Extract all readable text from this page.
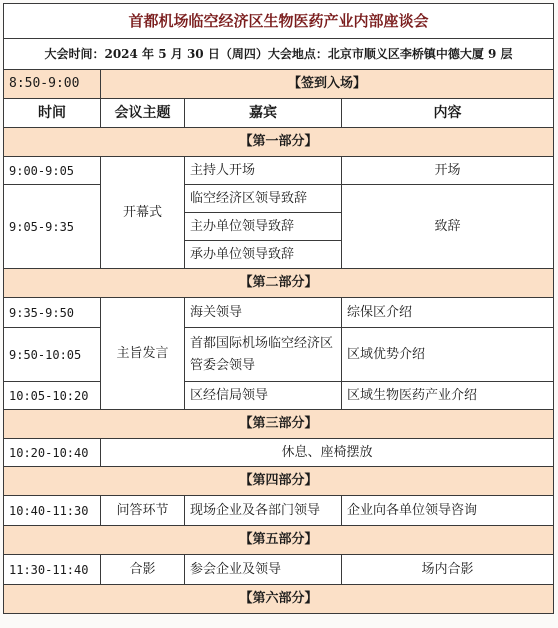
首都机场临空经济区生物医药产业内部座谈会			
大会时间：2024 年 5 月 30 日（周四）大会地点：北京市顺义区李桥镇中德大厦 9 层			
8:50-9:00	【签到入场】		
时间	会议主题	嘉宾	内容
【第一部分】			
9:00-9:05	开幕式	主持人开场	开场
9:05-9:35		临空经济区领导致辞	致辞
		主办单位领导致辞	
		承办单位领导致辞	
【第二部分】			
9:35-9:50	主旨发言	海关领导	综保区介绍
9:50-10:05		首都国际机场临空经济区管委会领导	区域优势介绍
10:05-10:20		区经信局领导	区域生物医药产业介绍
【第三部分】			
10:20-10:40	休息、座椅摆放		
【第四部分】			
10:40-11:30	问答环节	现场企业及各部门领导	企业向各单位领导咨询
【第五部分】			
11:30-11:40	合影	参会企业及领导	场内合影
【第六部分】			
